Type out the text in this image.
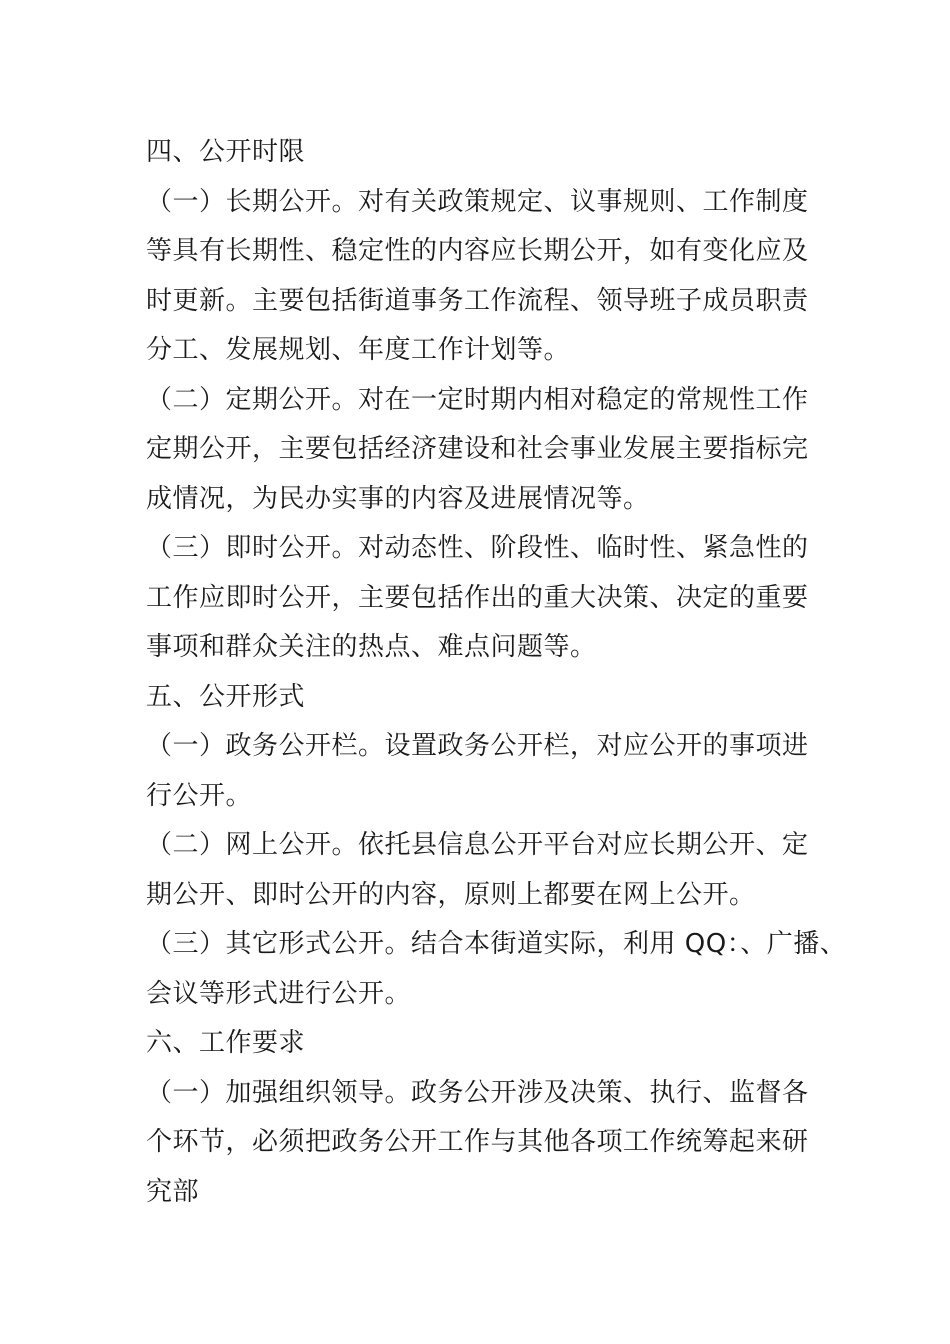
四、公开时限
（一）长期公开。对有关政策规定、议事规则、工作制度
等具有长期性、稳定性的内容应长期公开，如有变化应及
时更新。主要包括街道事务工作流程、领导班子成员职责
分工、发展规划、年度工作计划等。
（二）定期公开。对在一定时期内相对稳定的常规性工作
定期公开，主要包括经济建设和社会事业发展主要指标完
成情况，为民办实事的内容及进展情况等。
（三）即时公开。对动态性、阶段性、临时性、紧急性的
工作应即时公开，主要包括作出的重大决策、决定的重要
事项和群众关注的热点、难点问题等。
五、公开形式
（一）政务公开栏。设置政务公开栏，对应公开的事项进
行公开。
（二）网上公开。依托县信息公开平台对应长期公开、定
期公开、即时公开的内容，原则上都要在网上公开。
（三）其它形式公开。结合本街道实际，利用 QQ：、广播、
会议等形式进行公开。
六、工作要求
（一）加强组织领导。政务公开涉及决策、执行、监督各
个环节，必须把政务公开工作与其他各项工作统筹起来研
究部
